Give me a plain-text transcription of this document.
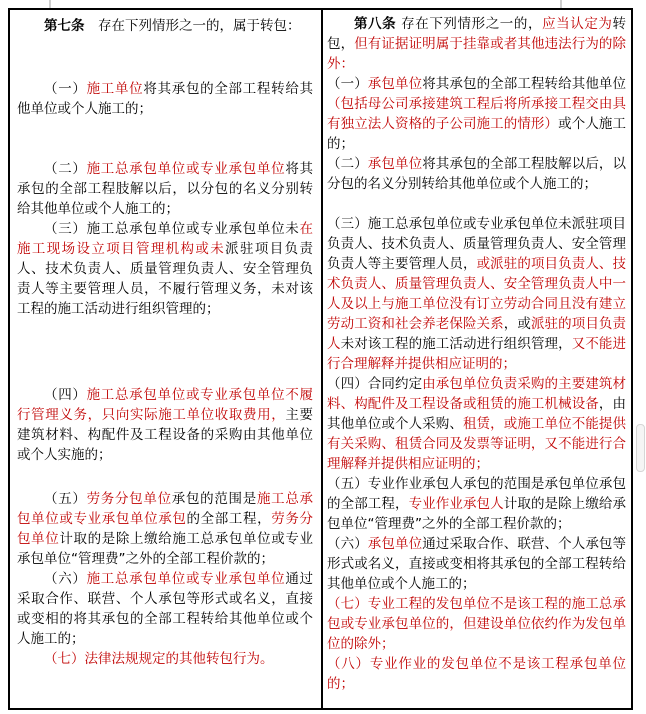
第七条　存在下列情形之一的，属于转包：

（一）施工单位将其承包的全部工程转给其他单位或个人施工的；

（二）施工总承包单位或专业承包单位将其承包的全部工程肢解以后，以分包的名义分别转给其他单位或个人施工的；

（三）施工总承包单位或专业承包单位未在施工现场设立项目管理机构或未派驻项目负责人、技术负责人、质量管理负责人、安全管理负责人等主要管理人员，不履行管理义务，未对该工程的施工活动进行组织管理的；

（四）施工总承包单位或专业承包单位不履行管理义务，只向实际施工单位收取费用，主要建筑材料、构配件及工程设备的采购由其他单位或个人实施的；

（五）劳务分包单位承包的范围是施工总承包单位或专业承包单位承包的全部工程，劳务分包单位计取的是除上缴给施工总承包单位或专业承包单位“管理费”之外的全部工程价款的；

（六）施工总承包单位或专业承包单位通过采取合作、联营、个人承包等形式或名义，直接或变相的将其承包的全部工程转给其他单位或个人施工的；

（七）法律法规规定的其他转包行为。

第八条 存在下列情形之一的，应当认定为转包，但有证据证明属于挂靠或者其他违法行为的除外：

（一）承包单位将其承包的全部工程转给其他单位（包括母公司承接建筑工程后将所承接工程交由具有独立法人资格的子公司施工的情形）或个人施工的；

（二）承包单位将其承包的全部工程肢解以后，以分包的名义分别转给其他单位或个人施工的；

（三）施工总承包单位或专业承包单位未派驻项目负责人、技术负责人、质量管理负责人、安全管理负责人等主要管理人员，或派驻的项目负责人、技术负责人、质量管理负责人、安全管理负责人中一人及以上与施工单位没有订立劳动合同且没有建立劳动工资和社会养老保险关系，或派驻的项目负责人未对该工程的施工活动进行组织管理，又不能进行合理解释并提供相应证明的；

（四）合同约定由承包单位负责采购的主要建筑材料、构配件及工程设备或租赁的施工机械设备，由其他单位或个人采购、租赁，或施工单位不能提供有关采购、租赁合同及发票等证明，又不能进行合理解释并提供相应证明的；

（五）专业作业承包人承包的范围是承包单位承包的全部工程，专业作业承包人计取的是除上缴给承包单位“管理费”之外的全部工程价款的；

（六）承包单位通过采取合作、联营、个人承包等形式或名义，直接或变相将其承包的全部工程转给其他单位或个人施工的；

（七）专业工程的发包单位不是该工程的施工总承包或专业承包单位的，但建设单位依约作为发包单位的除外；

（八）专业作业的发包单位不是该工程承包单位的；
